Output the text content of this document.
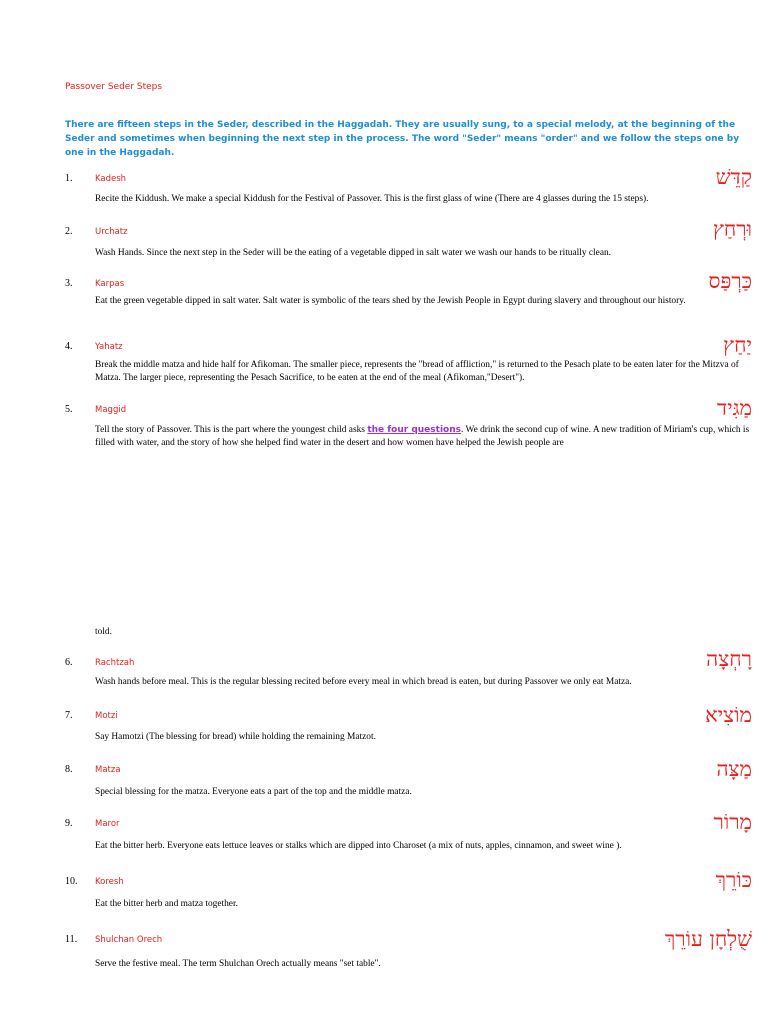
Passover Seder Steps
There are fifteen steps in the Seder, described in the Haggadah. They are usually sung, to a special melody, at the beginning of the Seder and sometimes when beginning the next step in the process. The word "Seder" means "order" and we follow the steps one by one in the Haggadah.
1.	Kadesh	קַדֵּשׁ
Recite the Kiddush. We make a special Kiddush for the Festival of Passover. This is the first glass of wine (There are 4 glasses during the 15 steps).
2.	Urchatz	וּרְחַץ
Wash Hands. Since the next step in the Seder will be the eating of a vegetable dipped in salt water we wash our hands to be ritually clean.
3.	Karpas	כַּרְפַּס
Eat the green vegetable dipped in salt water. Salt water is symbolic of the tears shed by the Jewish People in Egypt during slavery and throughout our history.
4.	Yahatz	יַחַץ
Break the middle matza and hide half for Afikoman. The smaller piece, represents the "bread of affliction," is returned to the Pesach plate to be eaten later for the Mitzva of Matza. The larger piece, representing the Pesach Sacrifice, to be eaten at the end of the meal (Afikoman,"Desert").
5.	Maggid	מַגִּיד
Tell the story of Passover. This is the part where the youngest child asks the four questions. We drink the second cup of wine. A new tradition of Miriam's cup, which is filled with water, and the story of how she helped find water in the desert and how women have helped the Jewish people are
told.
6.	Rachtzah	רָחְצָה
Wash hands before meal. This is the regular blessing recited before every meal in which bread is eaten, but during Passover we only eat Matza.
7.	Motzi	מוֹצִיא
Say Hamotzi (The blessing for bread) while holding the remaining Matzot.
8.	Matza	מַצָּה
Special blessing for the matza. Everyone eats a part of the top and the middle matza.
9.	Maror	מָרוֹר
Eat the bitter herb. Everyone eats lettuce leaves or stalks which are dipped into Charoset (a mix of nuts, apples, cinnamon, and sweet wine ).
10. Koresh	כּוֹרֵךְ
Eat the bitter herb and matza together.
11. Shulchan Orech	שֻׁלְחָן עוֹרֵךְ
Serve the festive meal. The term Shulchan Orech actually means "set table".
